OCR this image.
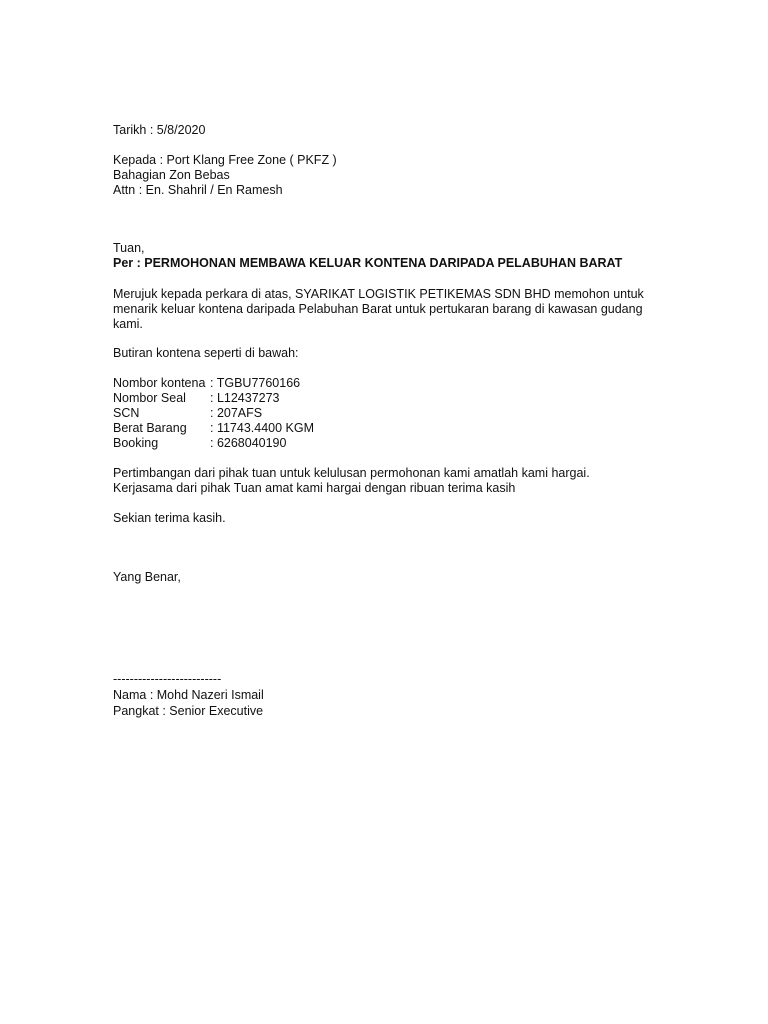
Tarikh : 5/8/2020
Kepada : Port Klang Free Zone ( PKFZ )
Bahagian Zon Bebas
Attn : En. Shahril / En Ramesh
Tuan,
Per : PERMOHONAN MEMBAWA KELUAR KONTENA DARIPADA PELABUHAN BARAT
Merujuk kepada perkara di atas, SYARIKAT LOGISTIK PETIKEMAS SDN BHD memohon untuk
menarik keluar kontena daripada Pelabuhan Barat untuk pertukaran barang di kawasan gudang
kami.
Butiran kontena seperti di bawah:
Nombor kontena : TGBU7760166
Nombor Seal : L12437273
SCN	: 207AFS
Berat Barang : 11743.4400 KGM
Booking	: 6268040190
Pertimbangan dari pihak tuan untuk kelulusan permohonan kami amatlah kami hargai.
Kerjasama dari pihak Tuan amat kami hargai dengan ribuan terima kasih
Sekian terima kasih.
Yang Benar,
--------------------------
Nama : Mohd Nazeri Ismail
Pangkat : Senior Executive
